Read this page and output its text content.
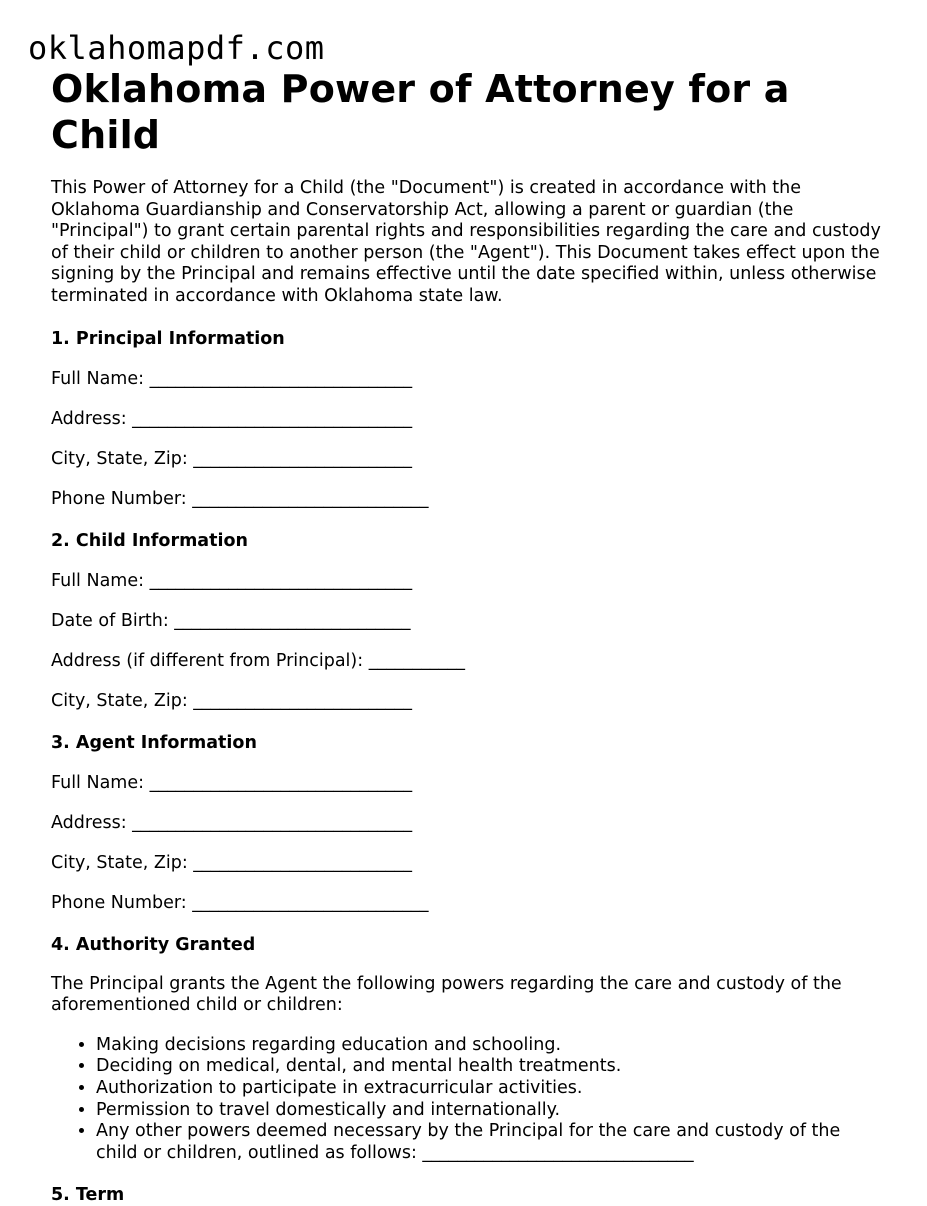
oklahomapdf.com
Oklahoma Power of Attorney for a Child

This Power of Attorney for a Child (the "Document") is created in accordance with the Oklahoma Guardianship and Conservatorship Act, allowing a parent or guardian (the "Principal") to grant certain parental rights and responsibilities regarding the care and custody of their child or children to another person (the "Agent"). This Document takes effect upon the signing by the Principal and remains effective until the date specified within, unless otherwise terminated in accordance with Oklahoma state law.

1. Principal Information
Full Name: ______________________________
Address: ________________________________
City, State, Zip: _________________________
Phone Number: ___________________________
2. Child Information
Full Name: ______________________________
Date of Birth: ___________________________
Address (if different from Principal): ___________
City, State, Zip: _________________________
3. Agent Information
Full Name: ______________________________
Address: ________________________________
City, State, Zip: _________________________
Phone Number: ___________________________
4. Authority Granted

The Principal grants the Agent the following powers regarding the care and custody of the aforementioned child or children:

• Making decisions regarding education and schooling.
• Deciding on medical, dental, and mental health treatments.
• Authorization to participate in extracurricular activities.
• Permission to travel domestically and internationally.
• Any other powers deemed necessary by the Principal for the care and custody of the child or children, outlined as follows: _______________________________
5. Term
